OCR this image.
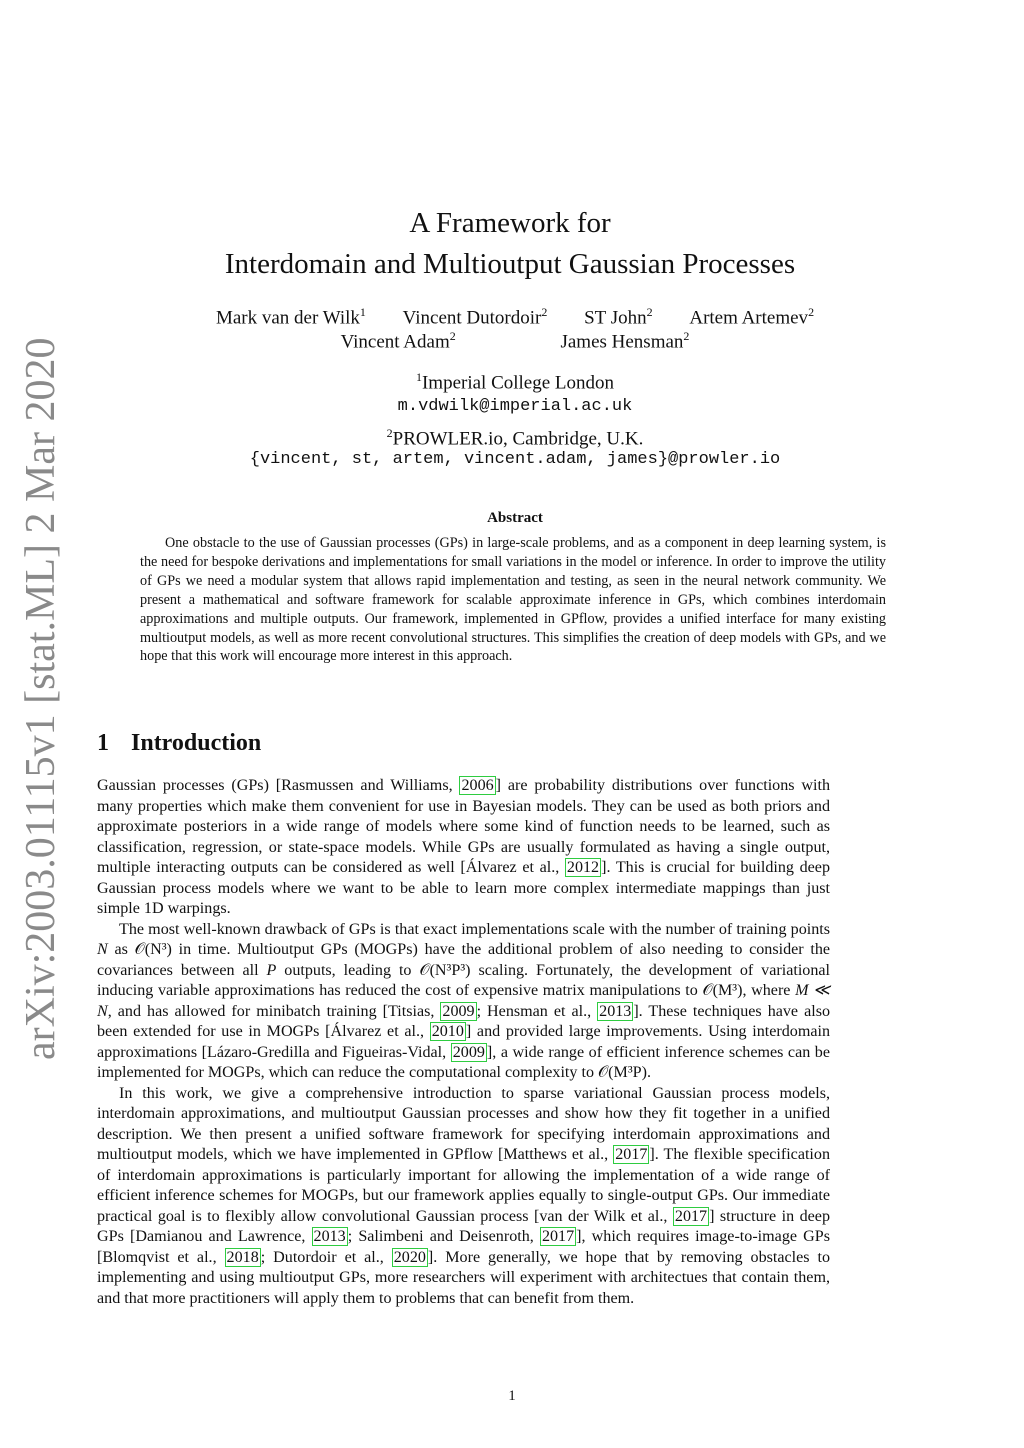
arXiv:2003.01115v1 [stat.ML] 2 Mar 2020
A Framework for
Interdomain and Multioutput Gaussian Processes
Mark van der Wilk$^1$ Vincent Dutordoir$^2$ ST John$^2$ Artem Artemev$^2$
Vincent Adam$^2$	James Hensman$^2$
$^1$Imperial College London
m.vdwilk@imperial.ac.uk
$^2$PROWLER.io, Cambridge, U.K.
{vincent, st, artem, vincent.adam, james}@prowler.io
Abstract
One obstacle to the use of Gaussian processes (GPs) in large-scale problems, and as a component in deep learning system, is the need for bespoke derivations and implementations for small variations in the model or inference. In order to improve the utility of GPs we need a modular system that allows rapid implementation and testing, as seen in the neural network community. We present a mathematical and software framework for scalable approximate inference in GPs, which combines interdomain approximations and multiple outputs. Our framework, implemented in GPflow, provides a unified interface for many existing multioutput models, as well as more recent convolutional structures. This simplifies the creation of deep models with GPs, and we hope that this work will encourage more interest in this approach.
1 Introduction

Gaussian processes (GPs) [Rasmussen and Williams, 2006 ] are probability distributions over functions with many properties which make them convenient for use in Bayesian models. They can be used as both priors and approximate posteriors in a wide range of models where some kind of function needs to be learned, such as classification, regression, or state-space models. While GPs are usually formulated as having a single output, multiple interacting outputs can be considered as well [Álvarez et al., 2012 ]. This is crucial for building deep Gaussian process models where we want to be able to learn more complex intermediate mappings than just simple 1D warpings.

The most well-known drawback of GPs is that exact implementations scale with the number of training points N as 𝒪(N³) in time. Multioutput GPs (MOGPs) have the additional problem of also needing to consider the covariances between all P outputs, leading to 𝒪(N³P³) scaling. Fortunately, the development of variational inducing variable approximations has reduced the cost of expensive matrix manipulations to 𝒪(M³), where M ≪ N, and has allowed for minibatch training [Titsias, 2009 ; Hensman et al., 2013 ]. These techniques have also been extended for use in MOGPs [Álvarez et al., 2010 ] and provided large improvements. Using interdomain approximations [Lázaro-Gredilla and Figueiras-Vidal, 2009 ], a wide range of efficient inference schemes can be implemented for MOGPs, which can reduce the computational complexity to 𝒪(M³P).

In this work, we give a comprehensive introduction to sparse variational Gaussian process models, interdomain approximations, and multioutput Gaussian processes and show how they fit together in a unified description. We then present a unified software framework for specifying interdomain approximations and multioutput models, which we have implemented in GPflow [Matthews et al., 2017 ]. The flexible specification of interdomain approximations is particularly important for allowing the implementation of a wide range of efficient inference schemes for MOGPs, but our framework applies equally to single-output GPs. Our immediate practical goal is to flexibly allow convolutional Gaussian process [van der Wilk et al., 2017 ] structure in deep GPs [Damianou and Lawrence, 2013 ; Salimbeni and Deisenroth, 2017 ], which requires image-to-image GPs [Blomqvist et al., 2018 ; Dutordoir et al., 2020 ]. More generally, we hope that by removing obstacles to implementing and using multioutput GPs, more researchers will experiment with architectues that contain them, and that more practitioners will apply them to problems that can benefit from them.

1
